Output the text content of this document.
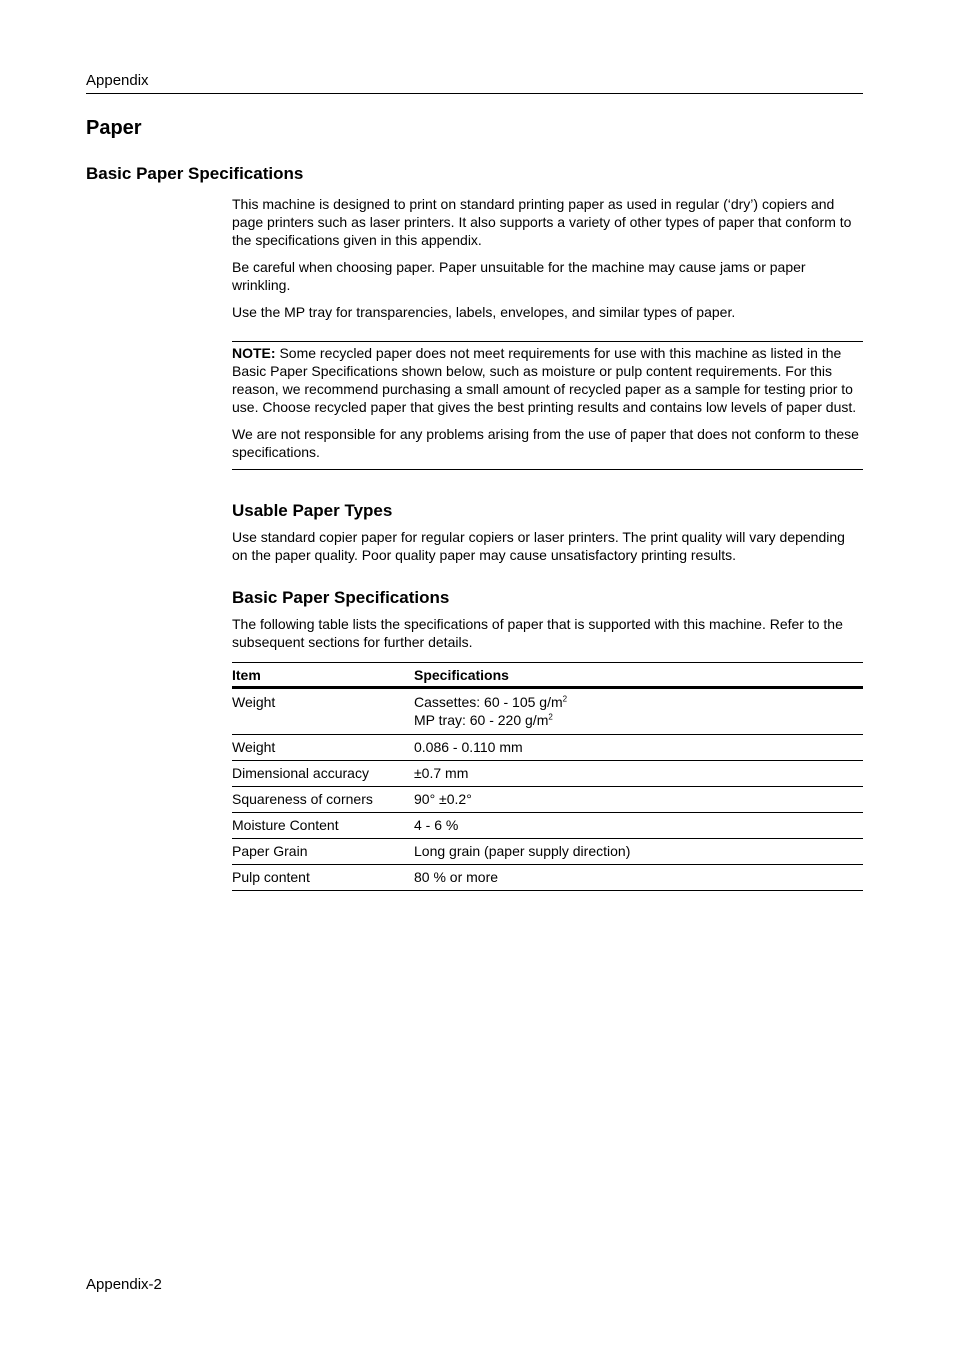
Appendix
Paper
Basic Paper Specifications

This machine is designed to print on standard printing paper as used in regular (‘dry’) copiers and page printers such as laser printers. It also supports a variety of other types of paper that conform to the specifications given in this appendix.

Be careful when choosing paper. Paper unsuitable for the machine may cause jams or paper wrinkling.

Use the MP tray for transparencies, labels, envelopes, and similar types of paper.

NOTE: Some recycled paper does not meet requirements for use with this machine as listed in the Basic Paper Specifications shown below, such as moisture or pulp content requirements. For this reason, we recommend purchasing a small amount of recycled paper as a sample for testing prior to use. Choose recycled paper that gives the best printing results and contains low levels of paper dust.

We are not responsible for any problems arising from the use of paper that does not conform to these specifications.

Usable Paper Types

Use standard copier paper for regular copiers or laser printers. The print quality will vary depending on the paper quality. Poor quality paper may cause unsatisfactory printing results.

Basic Paper Specifications

The following table lists the specifications of paper that is supported with this machine. Refer to the subsequent sections for further details.

Item	Specifications
Weight	Cassettes: 60 - 105 $g/m^2$
MP tray: 60 - 220 $g/m^2$

Weight	0.086 - 0.110 mm
Dimensional accuracy	±0.7 mm
Squareness of corners	90° ±0.2°
Moisture Content	4 - 6 %
Paper Grain	Long grain (paper supply direction)
Pulp content	80 % or more
Appendix-2
